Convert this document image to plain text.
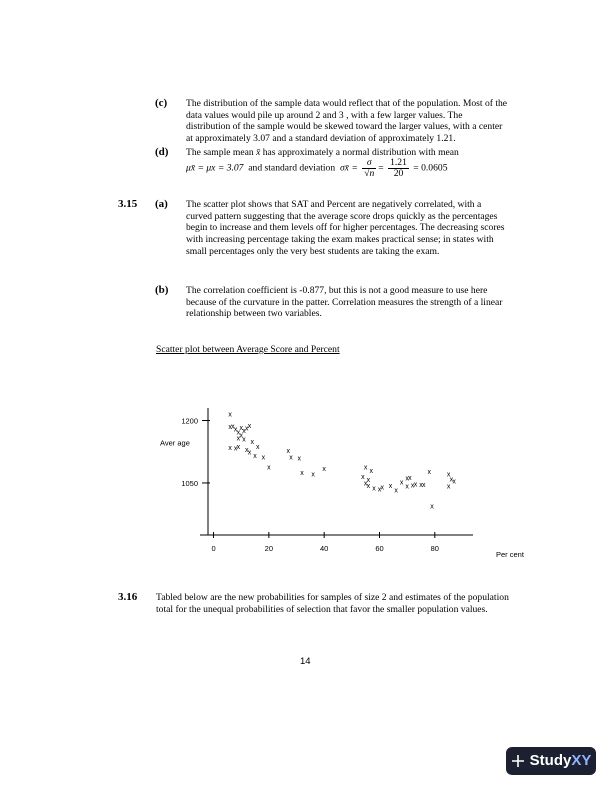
(c) The distribution of the sample data would reflect that of the population. Most of the data values would pile up around 2 and 3 , with a few larger values. The distribution of the sample would be skewed toward the larger values, with a center at approximately 3.07 and a standard deviation of approximately 1.21.
(d) The sample mean x̄ has approximately a normal distribution with mean
μx̄ = μx = 3.07 and standard deviation σx̄ = $\frac{\sigma}{√n} = \frac{1.21}{20} = 0.0605$
3.15 (a) The scatter plot shows that SAT and Percent are negatively correlated, with a curved pattern suggesting that the average score drops quickly as the percentages begin to increase and them levels off for higher percentages. The decreasing scores with increasing percentage taking the exam makes practical sense; in states with small percentages only the very best students are taking the exam.
(b) The correlation coefficient is -0.877, but this is not a good measure to use here because of the curvature in the patter. Correlation measures the strength of a linear relationship between two variables.
Scatter plot between Average Score and Percent
1050
1200
0	20	40	60	80
Aver age
Per cent
x
x x x x x x x
x x
x x x
x
x x x x x x x
x
x
x x
x
x
x
x x
x x
x x x x x x
x
x
x x
x x
x x x
x
x
x
x x
x
3.16 Tabled below are the new probabilities for samples of size 2 and estimates of the population total for the unequal probabilities of selection that favor the smaller population values.
14
StudyXY
